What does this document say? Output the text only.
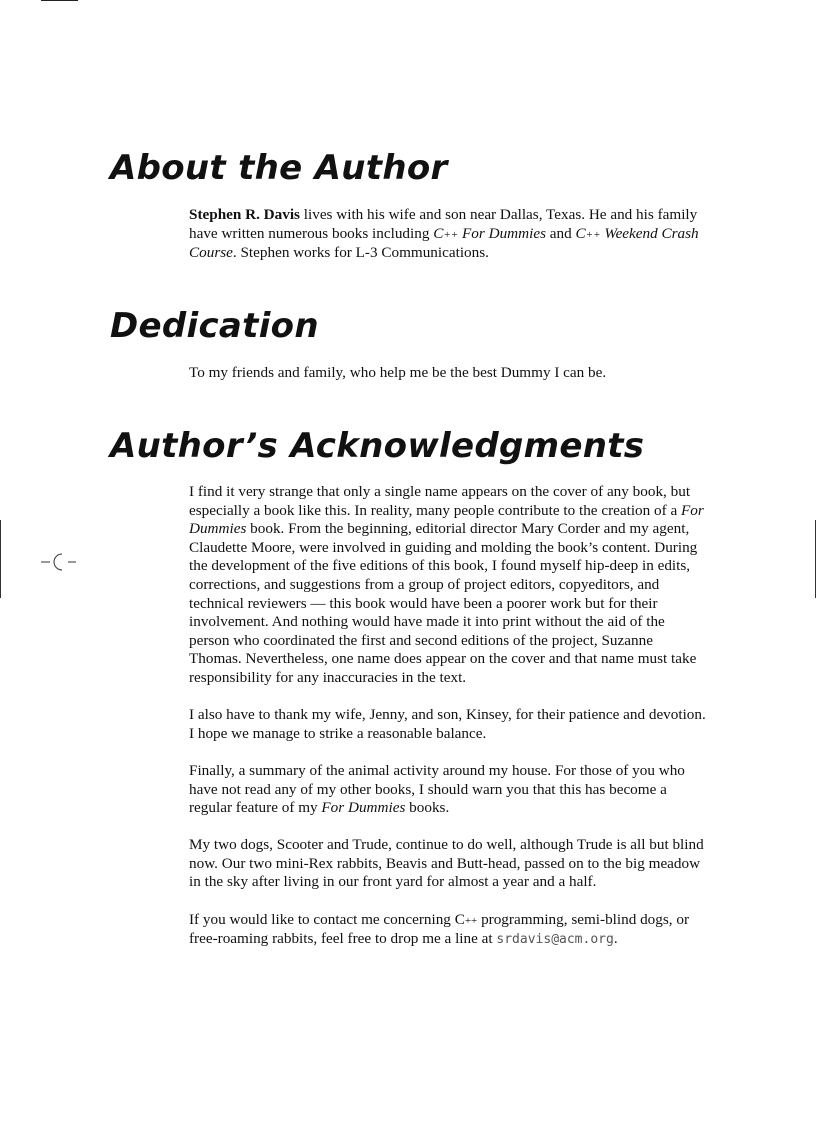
About the Author

Stephen R. Davis lives with his wife and son near Dallas, Texas. He and his family have written numerous books including C++ For Dummies and C++ Weekend Crash Course. Stephen works for L-3 Communications.

Dedication

To my friends and family, who help me be the best Dummy I can be.

Author’s Acknowledgments

I find it very strange that only a single name appears on the cover of any book, but especially a book like this. In reality, many people contribute to the creation of a For Dummies book. From the beginning, editorial director Mary Corder and my agent, Claudette Moore, were involved in guiding and molding the book’s content. During the development of the five editions of this book, I found myself hip-deep in edits, corrections, and suggestions from a group of project editors, copyeditors, and technical reviewers — this book would have been a poorer work but for their involvement. And nothing would have made it into print without the aid of the person who coordinated the first and second editions of the project, Suzanne Thomas. Nevertheless, one name does appear on the cover and that name must take responsibility for any inaccuracies in the text.

I also have to thank my wife, Jenny, and son, Kinsey, for their patience and devotion. I hope we manage to strike a reasonable balance.

Finally, a summary of the animal activity around my house. For those of you who have not read any of my other books, I should warn you that this has become a regular feature of my For Dummies books.

My two dogs, Scooter and Trude, continue to do well, although Trude is all but blind now. Our two mini-Rex rabbits, Beavis and Butt-head, passed on to the big meadow in the sky after living in our front yard for almost a year and a half.

If you would like to contact me concerning C++ programming, semi-blind dogs, or free-roaming rabbits, feel free to drop me a line at srdavis@acm.org.
